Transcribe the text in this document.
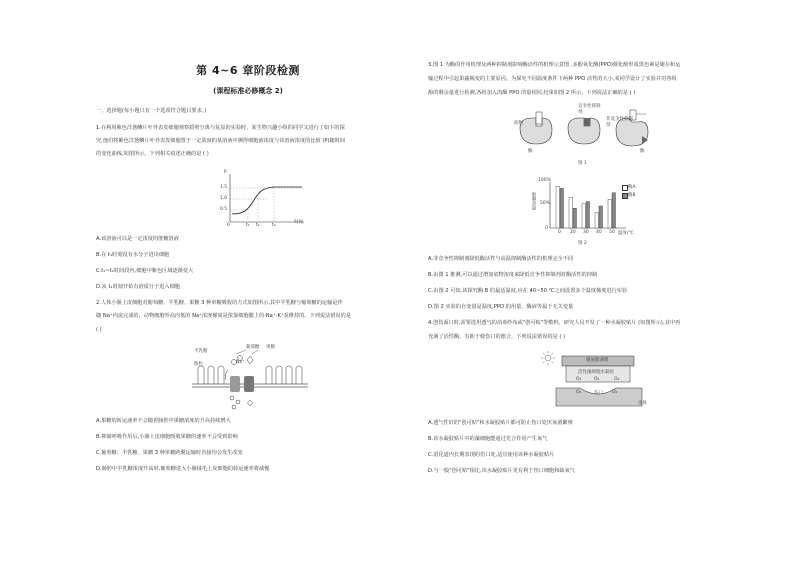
第 4~6 章阶段检测
(课程标准必修概念 2)
一、选择题(每小题只有一个选项符合题目要求。)
1.在利用紫色洋葱鳞片叶外表皮细胞观察质壁分离与复原的实验时，某生物兴趣小组的同学又进行了如下的探
究,他们将紫色洋葱鳞片叶外表皮细胞置于一定浓度的某溶液中测得细胞液浓度与该溶液浓度的比值 (P)随时间
的变化曲线,如图所示。下列相关叙述正确的是 ( )
P
1.5
1.0
0.5
0	t₁ t₂	t₃
时间
A.该溶液可以是一定浓度的蔗糖溶液
B.在 t₁时刻没有水分子进出细胞
C.t₁~t₂时间段内,细胞中紫色区域逐渐变大
D.从 t₁时刻开始有溶质分子进入细胞
2.人体小肠上皮细胞对葡萄糖、半乳糖、果糖 3 种单糖吸收的方式如图所示,其中半乳糖与葡萄糖的运输是伴
随 Na⁺内流完成的，动物细胞外高内低的 Na⁺浓度梯度是依靠细胞膜上的 Na⁺-K⁺泵维持的。下列说法错误的是
( )
半乳糖
葡萄糖 果糖
Na⁺
肠腔
A.果糖的转运速率不会随着肠腔中果糖浓度的升高持续增大
B.抑制呼吸作用后,小肠上皮细胞吸收果糖的速率不会受到影响
C.葡萄糖、半乳糖、果糖 3 种单糖跨膜运输时直接均会发生改变
D.肠腔中半乳糖浓度升高时,葡萄糖进入小肠绒毛上皮细胞的转运速率将减慢
3.图 1 为酶的作用机理及两种抑制剂影响酶活性的机理示意图 ,多酚氧化酶(PPO)催化酚形成黑色素是储存和运
输过程中引起果蔬褐变的主要原因。为探究不同温度条件下两种 PPO 活性的大小,某同学设计了实验并对各组
酚的剩余量进行检测,各组加入的酶 PPO 的量相同,结果如图 2 所示。下列说法正确的是 ( )
底物
酶
竞争性抑制剂
非竞争性抑制剂
酶
图 1
酚剩余量
100%
50%
0
0 20 30 40 50 温度/℃
酶A
酶B
图 2
A.非竞争性抑制剂降低酶活性与高温抑制酶活性的机理完全不同
B.由图 1 推测,可以通过增加底物浓度来降低竞争性抑制剂对酶活性的抑制
C.由图 2 可知,该探究酶 B 的最适温度,应在 40~50 ℃之间设置多个温度梯度进行实验
D.图 2 实验的自变量是温度,PPO 的用量、酶液等属于无关变量
4.创伤面口时,需要选用透气的消毒纱布或"创可贴"等敷料，研究人员开发了一种水凝胶贴片 (如图所示),其中再
充满了活性酶，有助于便伤口的愈合。下列说法错误的是 ( )
聚氨酯薄膜
活性藻细胞水凝胶
O₂	O₂	O₂
O₂	伤口 O₂
皮肤
A.透气性好的"创可贴"和水凝胶贴片都可防止伤口处厌氧菌繁殖
B.该水凝胶贴片中的藻细胞能通过光合作用产生氧气
C.消化道内长期表现的伤口处,适宜使用该种水凝胶贴片
D.与一般"创可贴"相比,该水凝胶贴片更有利于伤口细胞和缺氧气
